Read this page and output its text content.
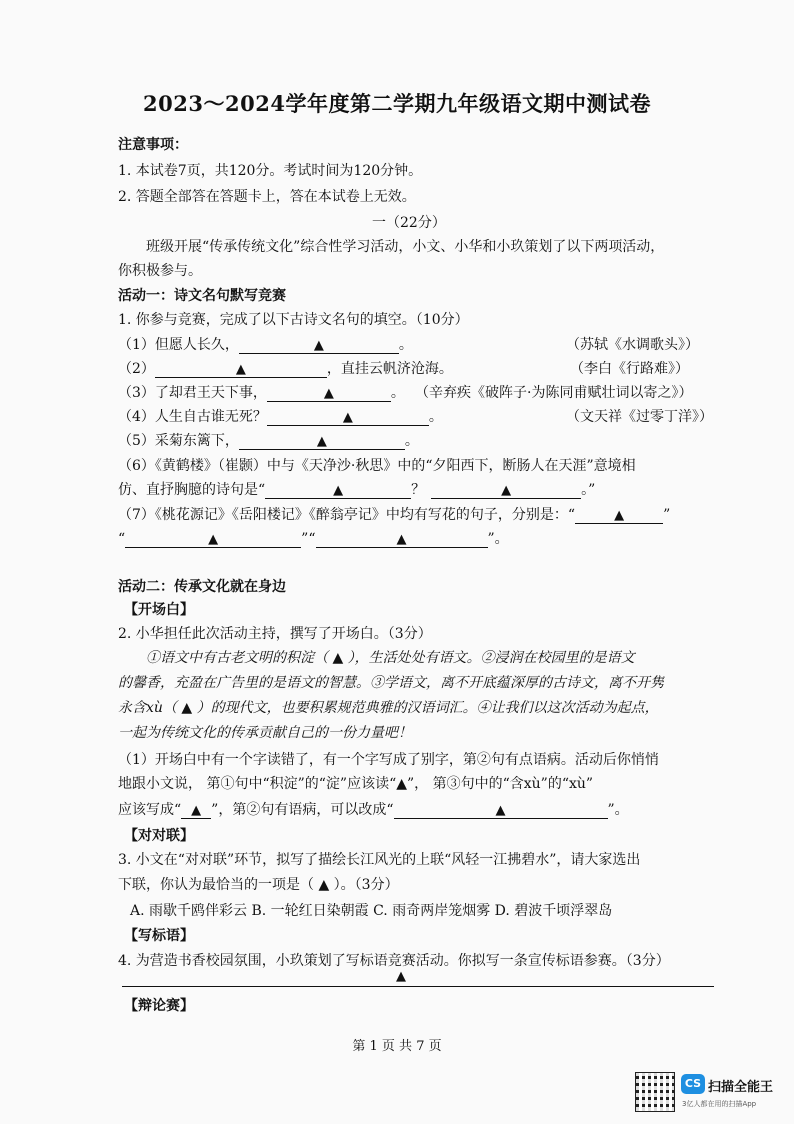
2023～2024学年度第二学期九年级语文期中测试卷
注意事项：
1. 本试卷7页，共120分。考试时间为120分钟。
2. 答题全部答在答题卡上，答在本试卷上无效。
一（22分）
班级开展“传承传统文化”综合性学习活动，小文、小华和小玖策划了以下两项活动，
你积极参与。
活动一：诗文名句默写竞赛
1. 你参与竞赛，完成了以下古诗文名句的填空。（10分）
（1）但愿人长久，	▲	。	（苏轼《水调歌头》）
（2）	▲	，直挂云帆济沧海。	（李白《行路难》）
（3）了却君王天下事，	▲	。 （辛弃疾《破阵子·为陈同甫赋壮词以寄之》）
（4）人生自古谁无死？	▲	。	（文天祥《过零丁洋》）
（5）采菊东篱下，	▲	。
（6）《黄鹤楼》（崔颢）中与《天净沙·秋思》中的“夕阳西下，断肠人在天涯”意境相
仿、直抒胸臆的诗句是“	▲	？	▲	。”
（7）《桃花源记》《岳阳楼记》《醉翁亭记》中均有写花的句子，分别是：“	▲	”
“	▲	”“	▲	”。
活动二：传承文化就在身边
【开场白】
2. 小华担任此次活动主持，撰写了开场白。（3分）
①语文中有古老文明的积淀（ ▲ ），生活处处有语文。②浸润在校园里的是语文
的馨香，充盈在广告里的是语文的智慧。③学语文，离不开底蕴深厚的古诗文，离不开隽
永含xù（ ▲ ）的现代文，也要积累规范典雅的汉语词汇。④让我们以这次活动为起点，
一起为传统文化的传承贡献自己的一份力量吧！
（1）开场白中有一个字读错了，有一个字写成了别字，第②句有点语病。活动后你悄悄
地跟小文说， 第①句中“积淀”的“淀”应该读“▲”， 第③句中的“含xù”的“xù”
应该写成“ ▲ ”，第②句有语病，可以改成“	▲	”。
【对对联】
3. 小文在“对对联”环节，拟写了描绘长江风光的上联“风轻一江拂碧水”，请大家选出
下联，你认为最恰当的一项是（ ▲ ）。（3分）
A. 雨歇千鸥伴彩云 B. 一轮红日染朝霞 C. 雨奇两岸笼烟雾 D. 碧波千顷浮翠岛
【写标语】
4. 为营造书香校园氛围，小玖策划了写标语竞赛活动。你拟写一条宣传标语参赛。（3分）
▲
【辩论赛】
第 1 页 共 7 页
CS 扫描全能王
3亿人都在用的扫描App
